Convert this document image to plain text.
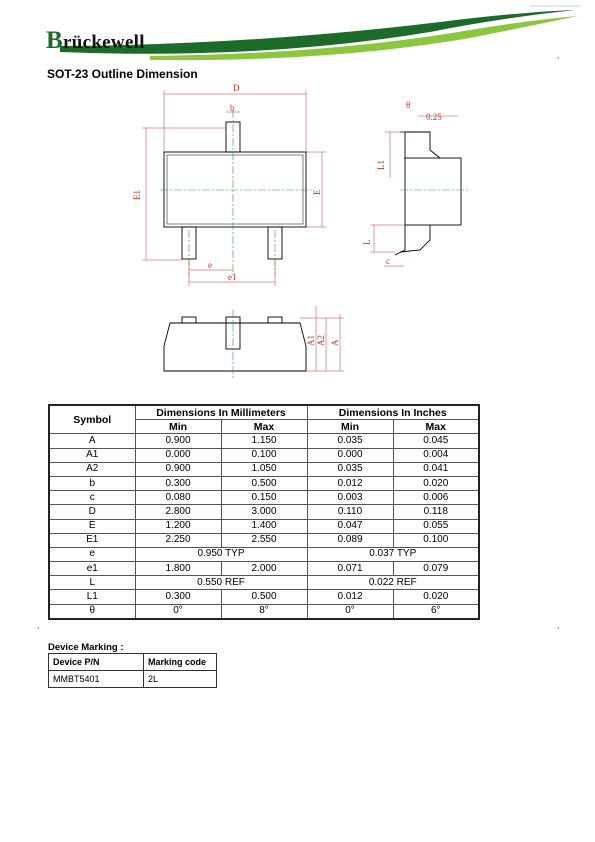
Brückewell
SOT-23 Outline Dimension
,
,
,
D
b
E1	E
e
e1
θ
0.25
L1
L
c
A1 A2 A
Symbol	Dimensions In Millimeters		Dimensions In Inches	
	Min	Max	Min	Max
A	0.900	1.150	0.035	0.045
A1	0.000	0.100	0.000	0.004
A2	0.900	1.050	0.035	0.041
b	0.300	0.500	0.012	0.020
c	0.080	0.150	0.003	0.006
D	2.800	3.000	0.110	0.118
E	1.200	1.400	0.047	0.055
E1	2.250	2.550	0.089	0.100
e	0.950 TYP		0.037 TYP	
e1	1.800	2.000	0.071	0.079
L	0.550 REF		0.022 REF	
L1	0.300	0.500	0.012	0.020
θ	0°	8°	0°	6°
Device Marking :
Device P/N	Marking code
MMBT5401	2L
